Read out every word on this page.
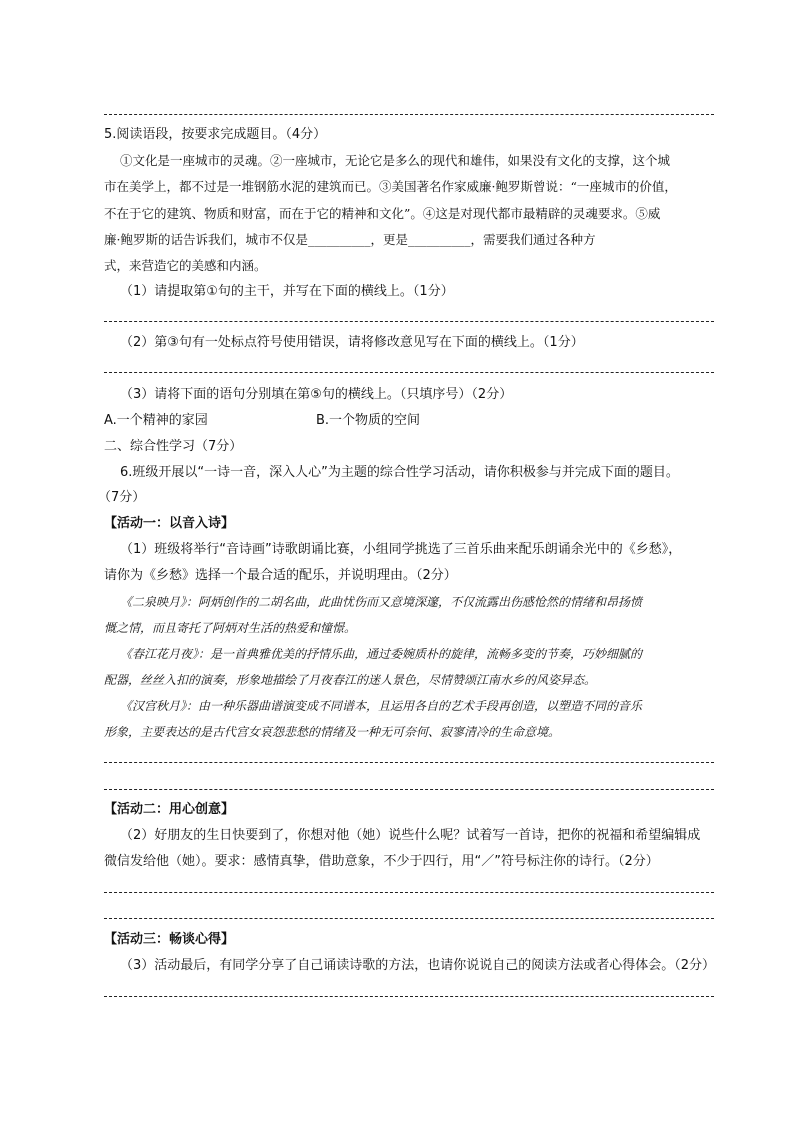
5.阅读语段，按要求完成题目。（4分）
①文化是一座城市的灵魂。②一座城市，无论它是多么的现代和雄伟，如果没有文化的支撑，这个城
市在美学上，都不过是一堆钢筋水泥的建筑而已。③美国著名作家威廉·鲍罗斯曾说：“一座城市的价值，
不在于它的建筑、物质和财富，而在于它的精神和文化”。④这是对现代都市最精辟的灵魂要求。⑤威
廉·鲍罗斯的话告诉我们，城市不仅是__________，更是__________，需要我们通过各种方
式，来营造它的美感和内涵。
（1）请提取第①句的主干，并写在下面的横线上。（1分）
（2）第③句有一处标点符号使用错误，请将修改意见写在下面的横线上。（1分）
（3）请将下面的语句分别填在第⑤句的横线上。（只填序号）（2分）
A.一个精神的家园	B.一个物质的空间
二、综合性学习（7分）
6.班级开展以“一诗一音，深入人心”为主题的综合性学习活动，请你积极参与并完成下面的题目。
（7分）
【活动一：以音入诗】
（1）班级将举行“音诗画”诗歌朗诵比赛，小组同学挑选了三首乐曲来配乐朗诵余光中的《乡愁》，
请你为《乡愁》选择一个最合适的配乐，并说明理由。（2分）
《二泉映月》：阿炳创作的二胡名曲，此曲忧伤而又意境深邃，不仅流露出伤感怆然的情绪和昂扬愤
慨之情，而且寄托了阿炳对生活的热爱和憧憬。
《春江花月夜》：是一首典雅优美的抒情乐曲，通过委婉质朴的旋律，流畅多变的节奏，巧妙细腻的
配器，丝丝入扣的演奏，形象地描绘了月夜春江的迷人景色，尽情赞颂江南水乡的风姿异态。
《汉宫秋月》：由一种乐器曲谱演变成不同谱本，且运用各自的艺术手段再创造，以塑造不同的音乐
形象，主要表达的是古代宫女哀怨悲愁的情绪及一种无可奈何、寂寥清冷的生命意境。
【活动二：用心创意】
（2）好朋友的生日快要到了，你想对他（她）说些什么呢？试着写一首诗，把你的祝福和希望编辑成
微信发给他（她）。要求：感情真挚，借助意象，不少于四行，用“／”符号标注你的诗行。（2分）
【活动三：畅谈心得】
（3）活动最后，有同学分享了自己诵读诗歌的方法，也请你说说自己的阅读方法或者心得体会。（2分）
